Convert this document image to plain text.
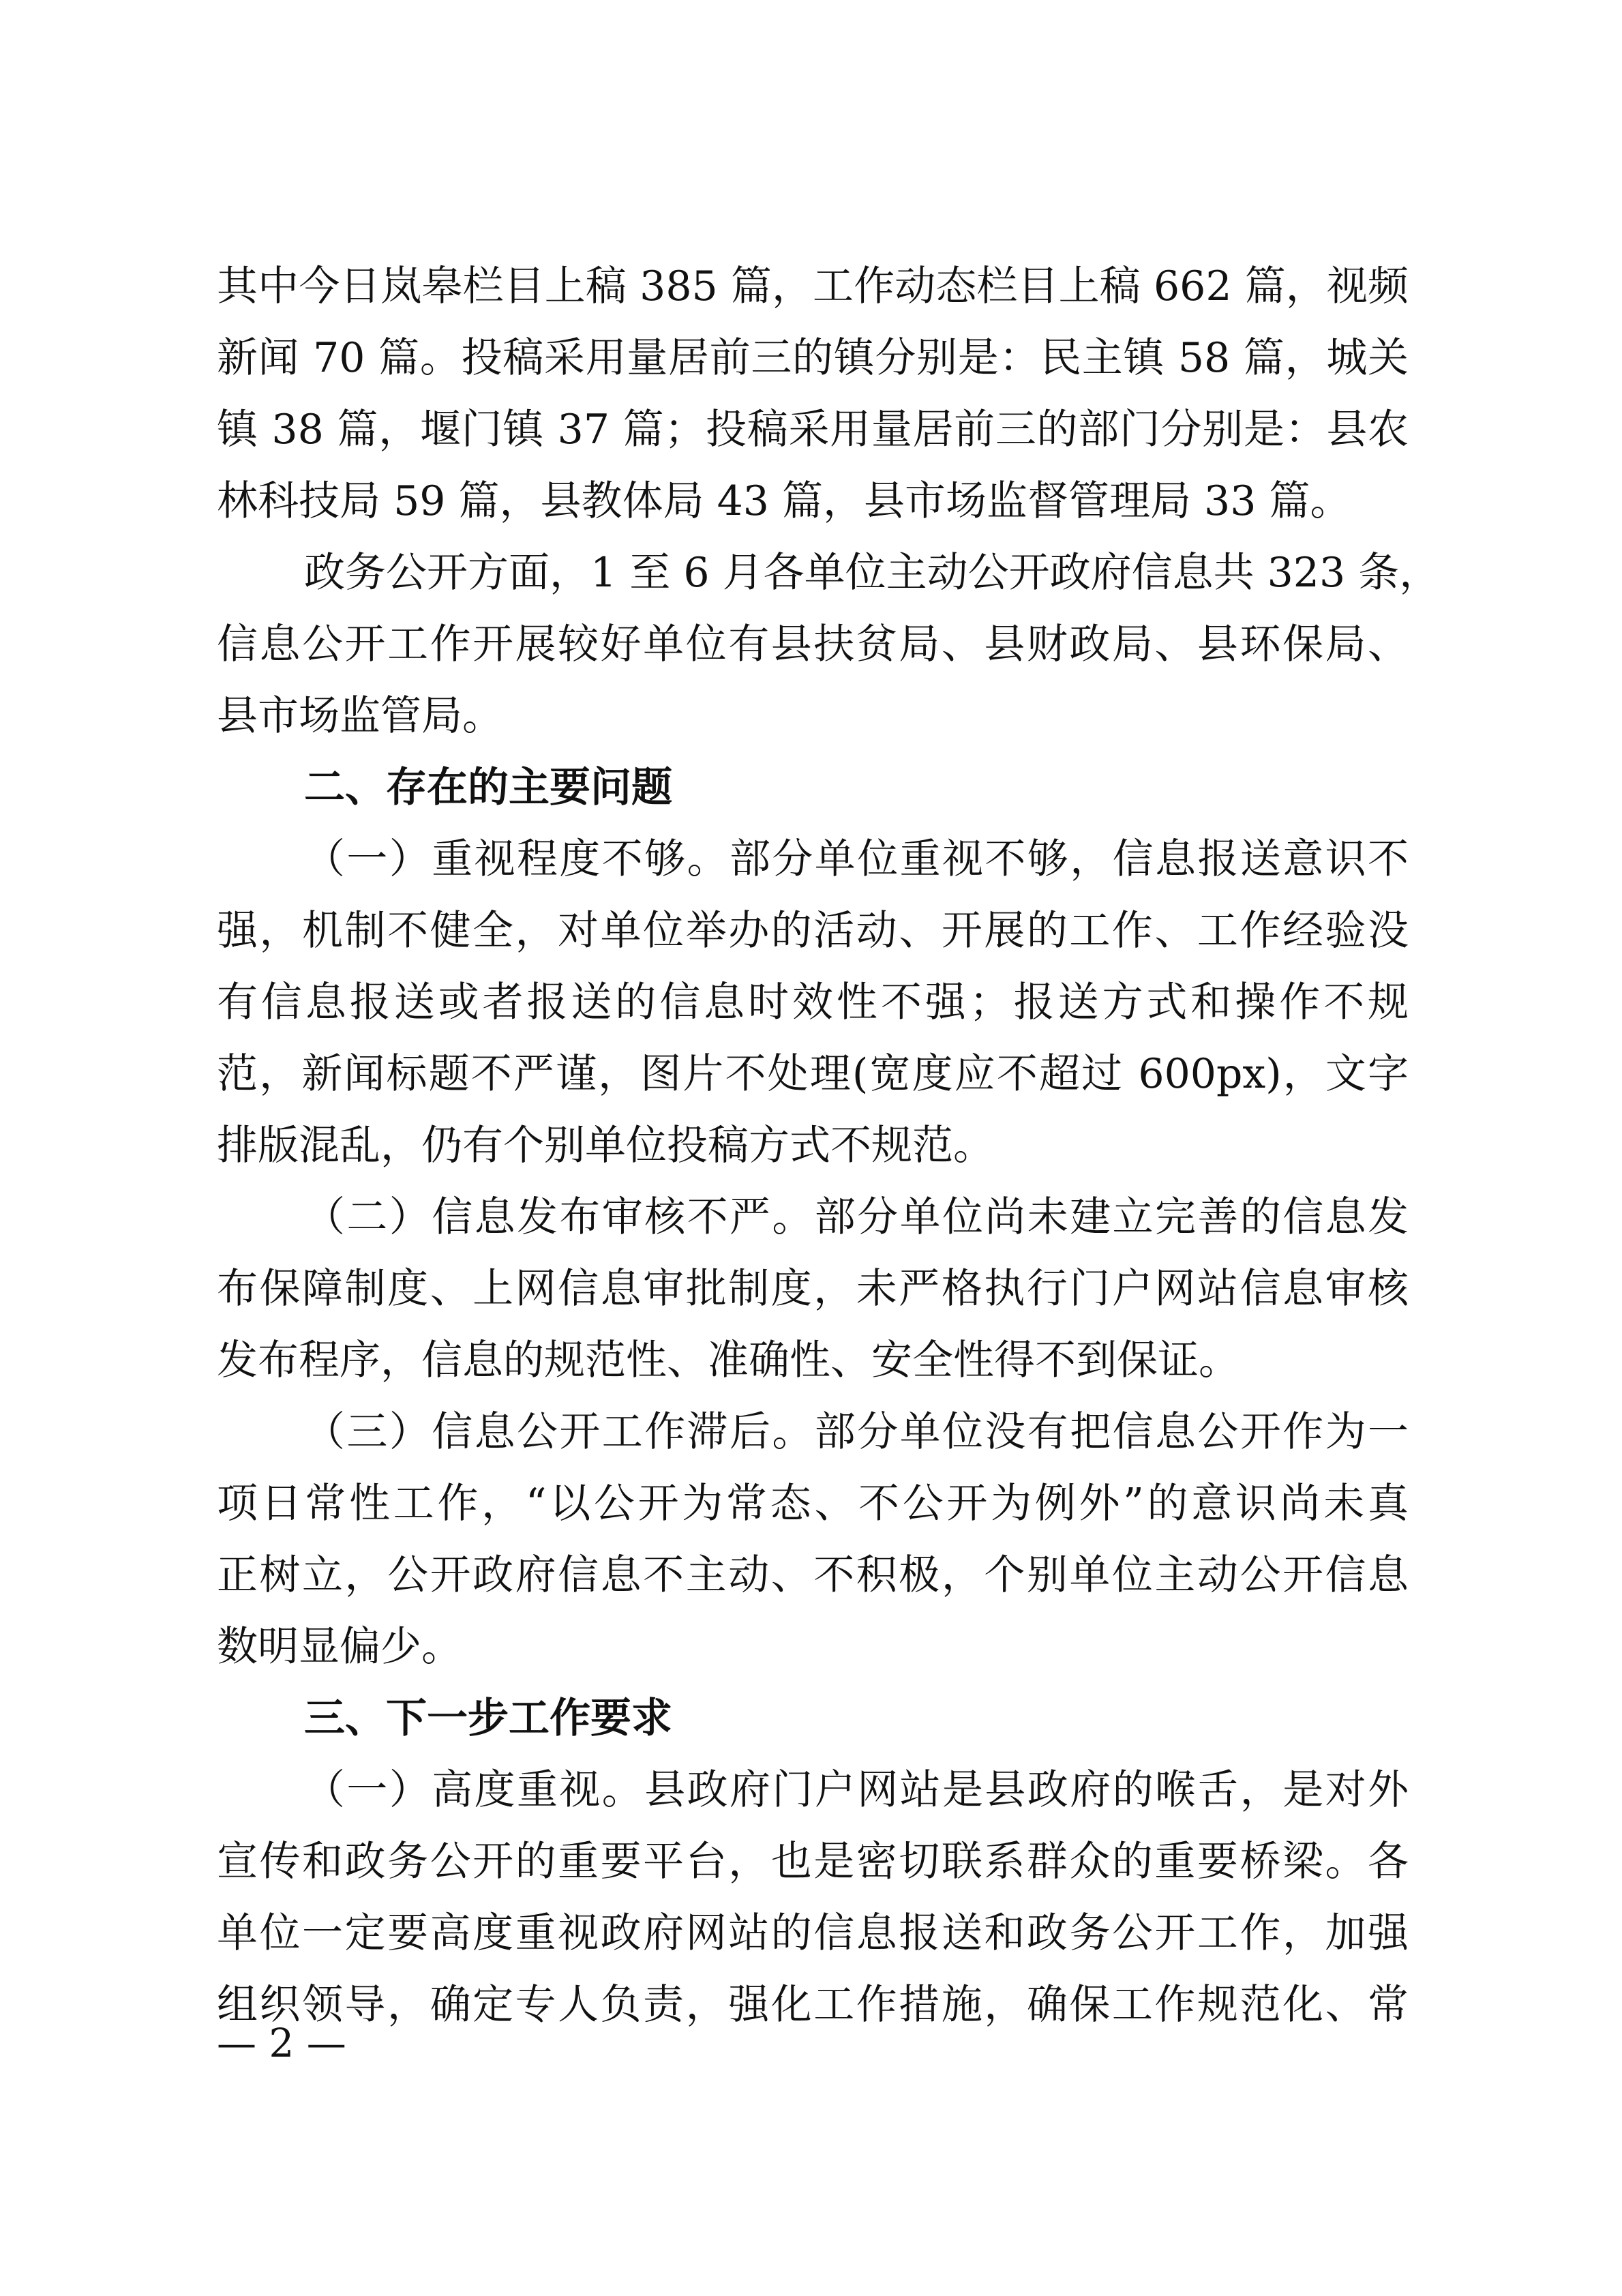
其中今日岚皋栏目上稿 385 篇，工作动态栏目上稿 662 篇，视频
新闻 70 篇。投稿采用量居前三的镇分别是：民主镇 58 篇，城关
镇 38 篇，堰门镇 37 篇；投稿采用量居前三的部门分别是：县农
林科技局 59 篇，县教体局 43 篇，县市场监督管理局 33 篇。
政务公开方面，1 至 6 月各单位主动公开政府信息共 323 条，
信息公开工作开展较好单位有县扶贫局、县财政局、县环保局、
县市场监管局。
二、存在的主要问题
（一）重视程度不够。部分单位重视不够，信息报送意识不
强，机制不健全，对单位举办的活动、开展的工作、工作经验没
有信息报送或者报送的信息时效性不强；报送方式和操作不规
范，新闻标题不严谨，图片不处理(宽度应不超过 600px)，文字
排版混乱，仍有个别单位投稿方式不规范。
（二）信息发布审核不严。部分单位尚未建立完善的信息发
布保障制度、上网信息审批制度，未严格执行门户网站信息审核
发布程序，信息的规范性、准确性、安全性得不到保证。
（三）信息公开工作滞后。部分单位没有把信息公开作为一
项日常性工作，“以公开为常态、不公开为例外”的意识尚未真
正树立，公开政府信息不主动、不积极，个别单位主动公开信息
数明显偏少。
三、下一步工作要求
（一）高度重视。县政府门户网站是县政府的喉舌，是对外
宣传和政务公开的重要平台，也是密切联系群众的重要桥梁。各
单位一定要高度重视政府网站的信息报送和政务公开工作，加强
组织领导，确定专人负责，强化工作措施，确保工作规范化、常
— 2 —
